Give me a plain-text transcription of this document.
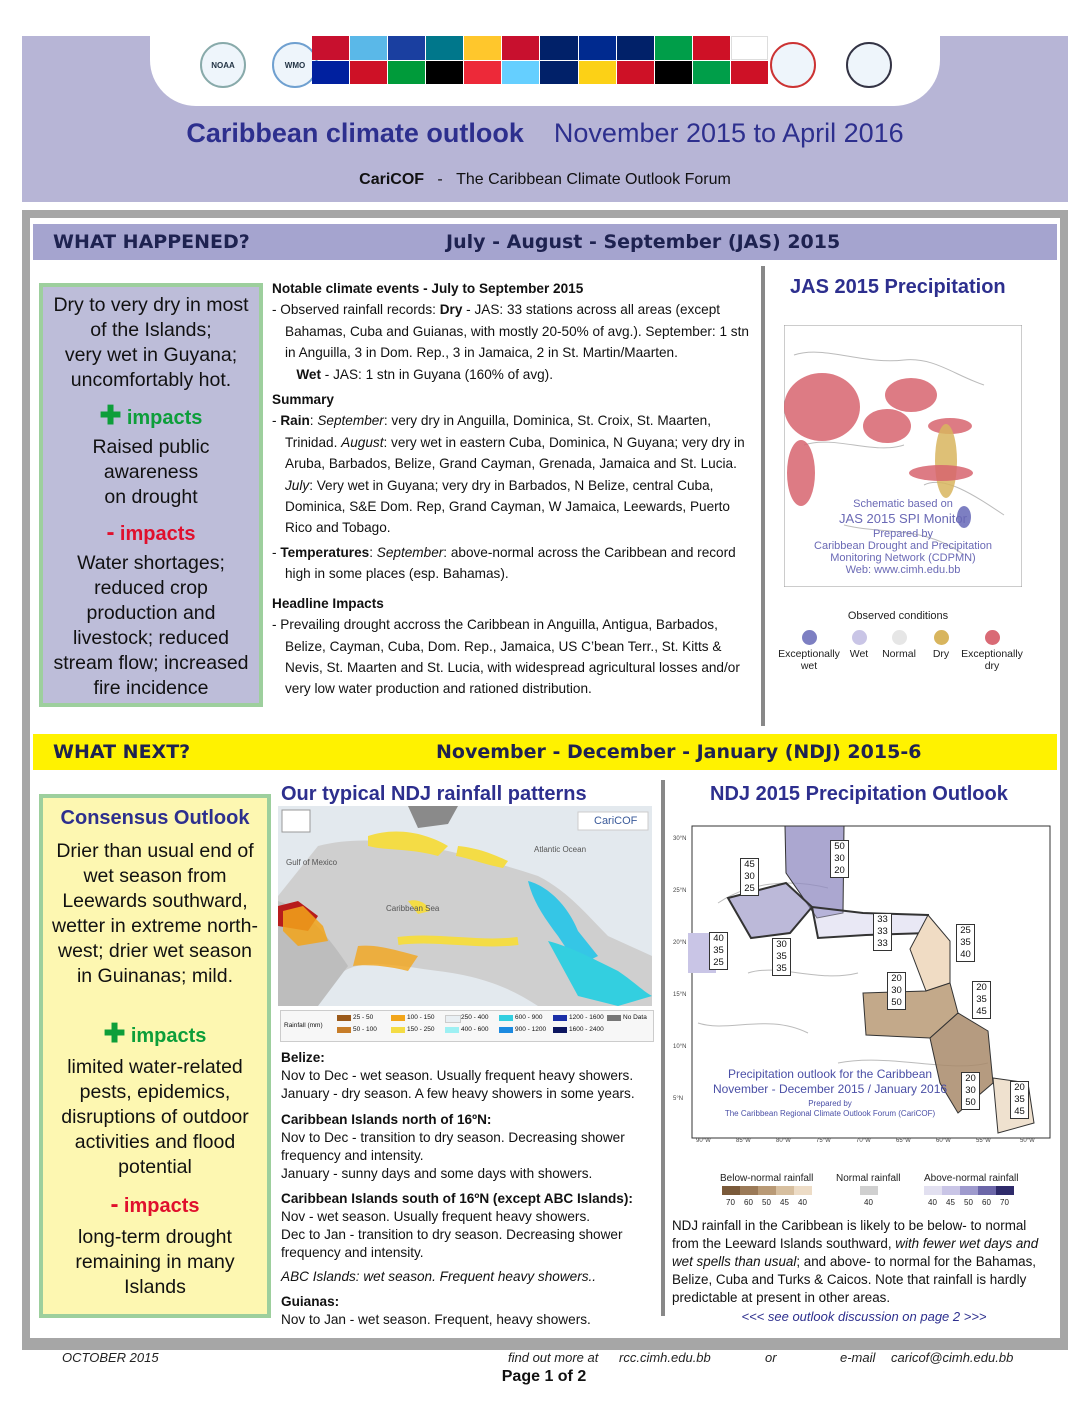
NOAA	WMO
Caribbean climate outlook November 2015 to April 2016
CariCOF - The Caribbean Climate Outlook Forum
WHAT HAPPENED?	July - August - September (JAS) 2015
Dry to very dry in most
of the Islands;
very wet in Guyana;
uncomfortably hot.
✚ impacts
Raised public
awareness
on drought
- impacts
Water shortages;
reduced crop
production and
livestock; reduced
stream flow; increased
fire incidence

Notable climate events - July to September 2015

- Observed rainfall records: Dry - JAS: 33 stations across all areas (except Bahamas, Cuba and Guianas, with mostly 20-50% of avg.). September: 1 stn in Anguilla, 3 in Dom. Rep., 3 in Jamaica, 2 in St. Martin/Maarten.
Wet - JAS: 1 stn in Guyana (160% of avg).

Summary

- Rain: September: very dry in Anguilla, Dominica, St. Croix, St. Maarten, Trinidad. August: very wet in eastern Cuba, Dominica, N Guyana; very dry in Aruba, Barbados, Belize, Grand Cayman, Grenada, Jamaica and St. Lucia. July: Very wet in Guyana; very dry in Barbados, N Belize, central Cuba, Dominica, S&E Dom. Rep, Grand Cayman, W Jamaica, Leewards, Puerto Rico and Tobago.

- Temperatures: September: above-normal across the Caribbean and record high in some places (esp. Bahamas).

Headline Impacts

- Prevailing drought accross the Caribbean in Anguilla, Antigua, Barbados, Belize, Cayman, Cuba, Dom. Rep., Jamaica, US C’bean Terr., St. Kitts & Nevis, St. Maarten and St. Lucia, with widespread agricultural losses and/or very low water production and rationed distribution.

JAS 2015 Precipitation
Schematic based on
JAS 2015 SPI Monitor
Prepared by
Caribbean Drought and Precipitation
Monitoring Network (CDPMN)
Web: www.cimh.edu.bb
Observed conditions
Exceptionally wet
Wet	Normal	Dry	Exceptionally dry
WHAT NEXT?	November - December - January (NDJ) 2015-6
Consensus Outlook
Drier than usual end of
wet season from
Leewards southward,
wetter in extreme north-
west; drier wet season
in Guinanas; mild.
✚ impacts
limited water-related
pests, epidemics,
disruptions of outdoor
activities and flood
potential
- impacts
long-term drought
remaining in many
Islands
Our typical NDJ rainfall patterns
Gulf of Mexico
Atlantic Ocean
Caribbean Sea
CariCOF
Rainfall (mm)
25 - 50
50 - 100
100 - 150
150 - 250
250 - 400
400 - 600
600 - 900
900 - 1200
1200 - 1600
1600 - 2400
No Data

Belize:

Nov to Dec - wet season. Usually frequent heavy showers.

January - dry season. A few heavy showers in some years.

Caribbean Islands north of 16ºN:

Nov to Dec - transition to dry season. Decreasing shower frequency and intensity.

January - sunny days and some days with showers.

Caribbean Islands south of 16ºN (except ABC Islands):

Nov - wet season. Usually frequent heavy showers.

Dec to Jan - transition to dry season. Decreasing shower frequency and intensity.

ABC Islands: wet season. Frequent heavy showers..

Guianas:

Nov to Jan - wet season. Frequent, heavy showers.

NDJ 2015 Precipitation Outlook
Precipitation outlook for the Caribbean
November - December 2015 / January 2016
Prepared by
The Caribbean Regional Climate Outlook Forum (CariCOF)
50
30
20
45
30
25
33
33
33
40
35
25
30
35
35
25
35
40
20
30
50
20
35
45
20
30
50
20
35
45
90°W	85°W	80°W	75°W	70°W	65°W	60°W	55°W	50°W
30°N
25°N
20°N
15°N
10°N
5°N
Below-normal rainfall Normal rainfall Above-normal rainfall
70 60 50 45 40	40	40 45 50 60 70
NDJ rainfall in the Caribbean is likely to be below- to normal from the Leeward Islands southward, with fewer wet days and wet spells than usual; and above- to normal for the Bahamas, Belize, Cuba and Turks & Caicos. Note that rainfall is hardly predictable at present in other areas.
<<< see outlook discussion on page 2 >>>
OCTOBER 2015	find out more at rcc.cimh.edu.bb	or	e-mail caricof@cimh.edu.bb
Page 1 of 2
